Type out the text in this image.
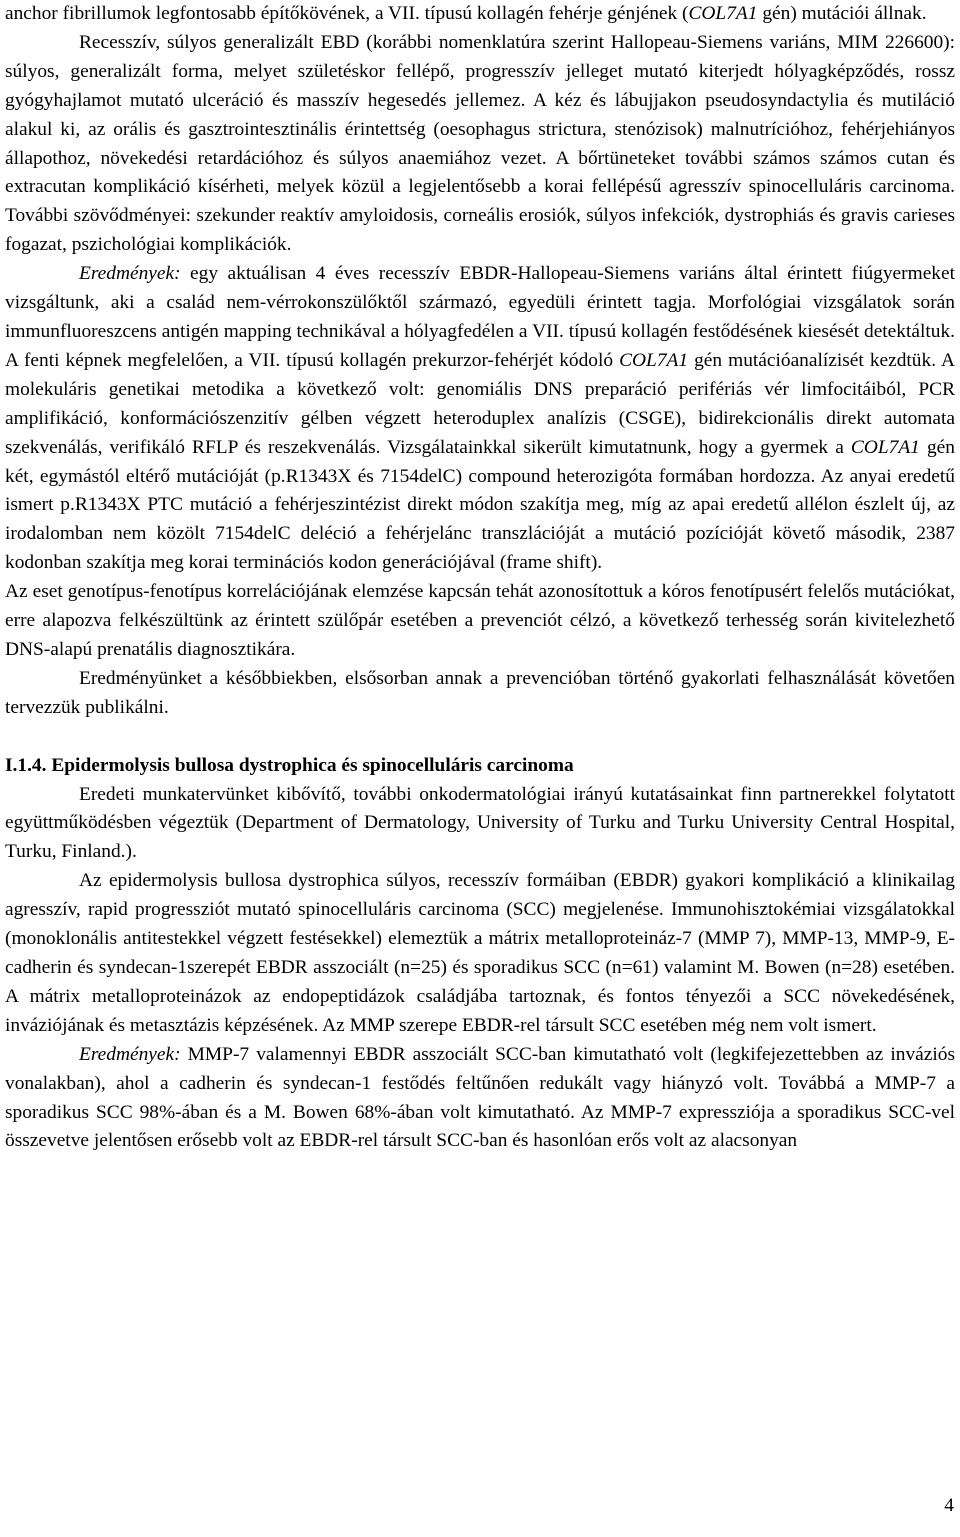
anchor fibrillumok legfontosabb építőkövének, a VII. típusú kollagén fehérje génjének (COL7A1 gén) mutációi állnak.

Recesszív, súlyos generalizált EBD (korábbi nomenklatúra szerint Hallopeau-Siemens variáns, MIM 226600): súlyos, generalizált forma, melyet születéskor fellépő, progresszív jelleget mutató kiterjedt hólyagképződés, rossz gyógyhajlamot mutató ulceráció és masszív hegesedés jellemez. A kéz és lábujjakon pseudosyndactylia és mutiláció alakul ki, az orális és gasztrointesztinális érintettség (oesophagus strictura, stenózisok) malnutrícióhoz, fehérjehiányos állapothoz, növekedési retardációhoz és súlyos anaemiához vezet. A bőrtüneteket további számos számos cutan és extracutan komplikáció kísérheti, melyek közül a legjelentősebb a korai fellépésű agresszív spinocelluláris carcinoma. További szövődményei: szekunder reaktív amyloidosis, corneális erosiók, súlyos infekciók, dystrophiás és gravis carieses fogazat, pszichológiai komplikációk.

Eredmények: egy aktuálisan 4 éves recesszív EBDR-Hallopeau-Siemens variáns által érintett fiúgyermeket vizsgáltunk, aki a család nem-vérrokonszülőktől származó, egyedüli érintett tagja. Morfológiai vizsgálatok során immunfluoreszcens antigén mapping technikával a hólyagfedélen a VII. típusú kollagén festődésének kiesését detektáltuk. A fenti képnek megfelelően, a VII. típusú kollagén prekurzor-fehérjét kódoló COL7A1 gén mutációanalízisét kezdtük. A molekuláris genetikai metodika a következő volt: genomiális DNS preparáció perifériás vér limfocitáiból, PCR amplifikáció, konformációszenzitív gélben végzett heteroduplex analízis (CSGE), bidirekcionális direkt automata szekvenálás, verifikáló RFLP és reszekvenálás. Vizsgálatainkkal sikerült kimutatnunk, hogy a gyermek a COL7A1 gén két, egymástól eltérő mutációját (p.R1343X és 7154delC) compound heterozigóta formában hordozza. Az anyai eredetű ismert p.R1343X PTC mutáció a fehérjeszintézist direkt módon szakítja meg, míg az apai eredetű allélon észlelt új, az irodalomban nem közölt 7154delC deléció a fehérjelánc transzlációját a mutáció pozícióját követő második, 2387 kodonban szakítja meg korai terminációs kodon generációjával (frame shift).

Az eset genotípus-fenotípus korrelációjának elemzése kapcsán tehát azonosítottuk a kóros fenotípusért felelős mutációkat, erre alapozva felkészültünk az érintett szülőpár esetében a prevenciót célzó, a következő terhesség során kivitelezhető DNS-alapú prenatális diagnosztikára.

Eredményünket a későbbiekben, elsősorban annak a prevencióban történő gyakorlati felhasználását követően tervezzük publikálni.

I.1.4. Epidermolysis bullosa dystrophica és spinocelluláris carcinoma

Eredeti munkatervünket kibővítő, további onkodermatológiai irányú kutatásainkat finn partnerekkel folytatott együttműködésben végeztük (Department of Dermatology, University of Turku and Turku University Central Hospital, Turku, Finland.).

Az epidermolysis bullosa dystrophica súlyos, recesszív formáiban (EBDR) gyakori komplikáció a klinikailag agresszív, rapid progressziót mutató spinocelluláris carcinoma (SCC) megjelenése. Immunohisztokémiai vizsgálatokkal (monoklonális antitestekkel végzett festésekkel) elemeztük a mátrix metalloproteináz-7 (MMP 7), MMP-13, MMP-9, E-cadherin és syndecan-1szerepét EBDR asszociált (n=25) és sporadikus SCC (n=61) valamint M. Bowen (n=28) esetében. A mátrix metalloproteinázok az endopeptidázok családjába tartoznak, és fontos tényezői a SCC növekedésének, inváziójának és metasztázis képzésének. Az MMP szerepe EBDR-rel társult SCC esetében még nem volt ismert.

Eredmények: MMP-7 valamennyi EBDR asszociált SCC-ban kimutatható volt (legkifejezettebben az inváziós vonalakban), ahol a cadherin és syndecan-1 festődés feltűnően redukált vagy hiányzó volt. Továbbá a MMP-7 a sporadikus SCC 98%-ában és a M. Bowen 68%-ában volt kimutatható. Az MMP-7 expressziója a sporadikus SCC-vel összevetve jelentősen erősebb volt az EBDR-rel társult SCC-ban és hasonlóan erős volt az alacsonyan

4
